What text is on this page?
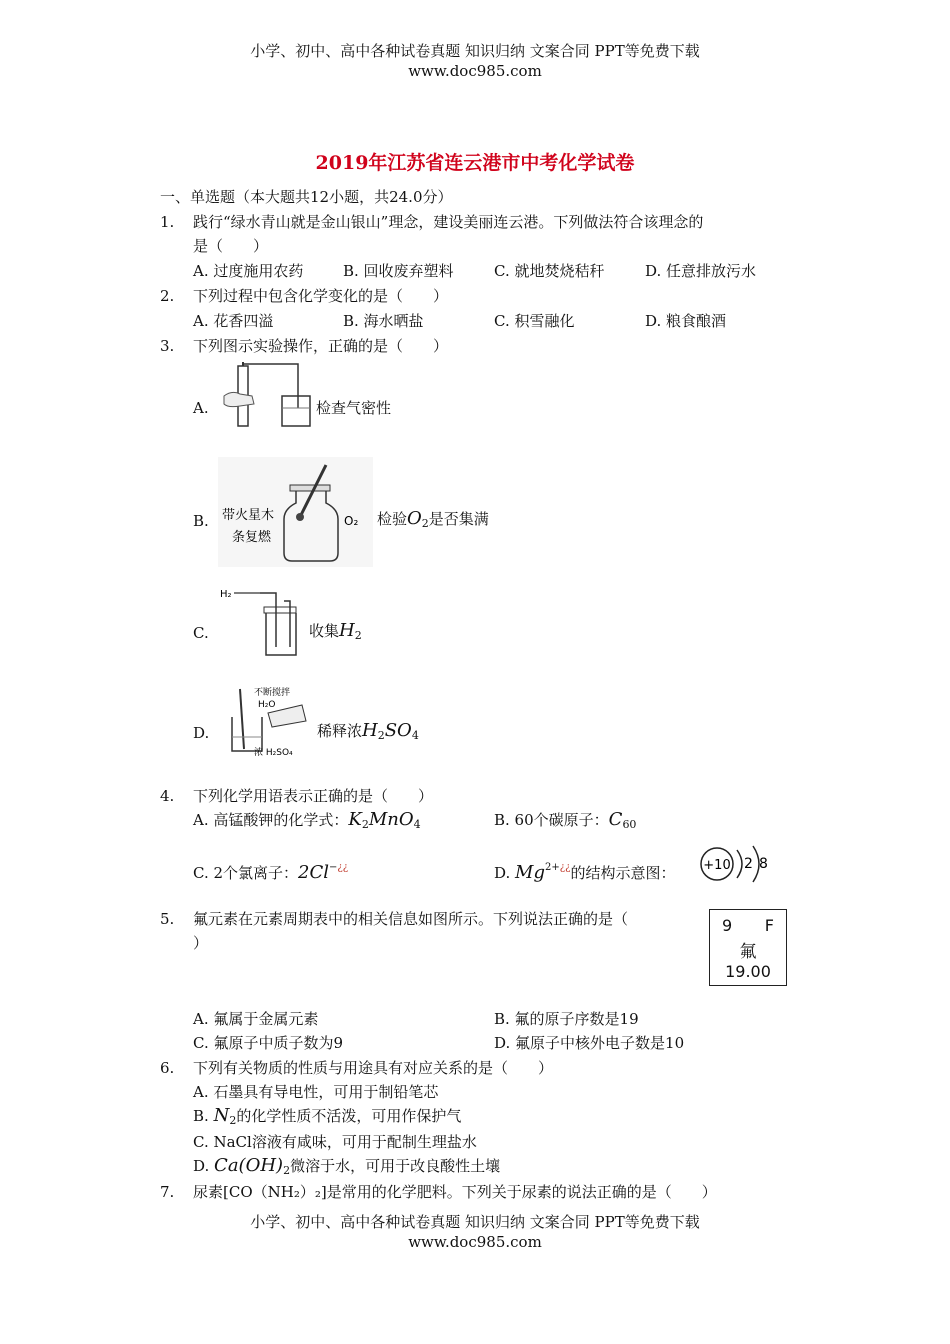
小学、初中、高中各种试卷真题 知识归纳 文案合同 PPT等免费下载
www.doc985.com
2019年江苏省连云港市中考化学试卷
一、单选题（本大题共12小题，共24.0分）
1. 践行“绿水青山就是金山银山”理念，建设美丽连云港。下列做法符合该理念的
是（　　）
A. 过度施用农药	B. 回收废弃塑料	C. 就地焚烧秸秆	D. 任意排放污水
2. 下列过程中包含化学变化的是（　　）
A. 花香四溢	B. 海水晒盐	C. 积雪融化	D. 粮食酿酒
3. 下列图示实验操作，正确的是（　　）
A.	检查气密性
B. 带火星木
条复燃
O₂ 检验$O_2$是否集满
C.
H₂
收集$H_2$
D.
不断搅拌
H₂O
浓 H₂SO₄
稀释浓$H_2SO_4$
4. 下列化学用语表示正确的是（　　）
A. 高锰酸钾的化学式：$K_2MnO_4$	B. 60个碳原子：$C_{60}$
C. 2个氯离子：2Cl−¿¿	D. $Mg^{2+¿¿}$的结构示意图： +10 2 8
5. 氟元素在元素周期表中的相关信息如图所示。下列说法正确的是（
）
9 F
氟
19.00
A. 氟属于金属元素	B. 氟的原子序数是19
C. 氟原子中质子数为9	D. 氟原子中核外电子数是10
6. 下列有关物质的性质与用途具有对应关系的是（　　）
A. 石墨具有导电性，可用于制铅笔芯
B. $N_2$的化学性质不活泼，可用作保护气
C. NaCl溶液有咸味，可用于配制生理盐水
D. $Ca(OH)_2$微溶于水，可用于改良酸性土壤
7. 尿素[CO（NH₂）₂]是常用的化学肥料。下列关于尿素的说法正确的是（　　）
小学、初中、高中各种试卷真题 知识归纳 文案合同 PPT等免费下载
www.doc985.com
